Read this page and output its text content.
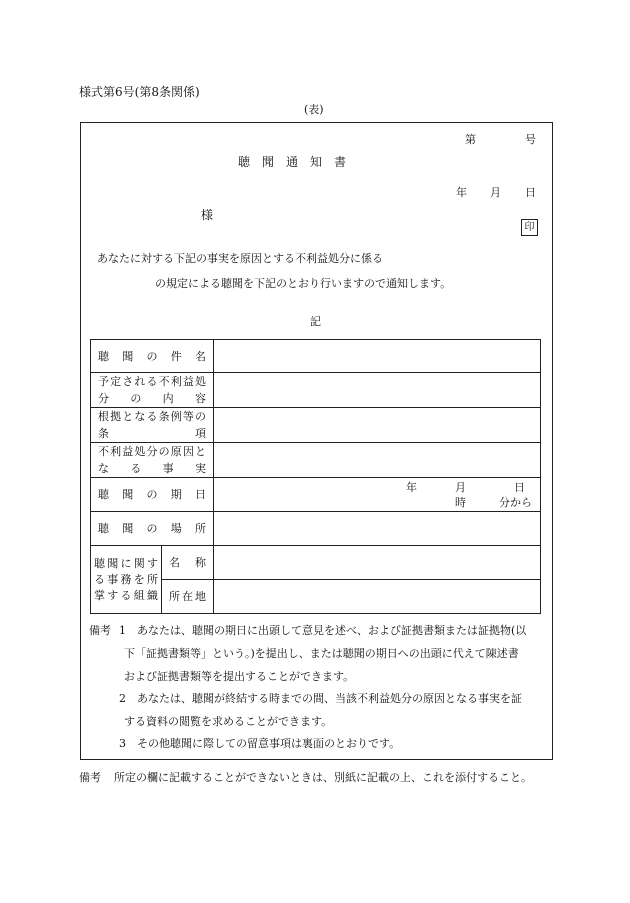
様式第6号(第8条関係)
(表)
第	号
聴　聞　通　知　書
年 月 日
様
印
あなたに対する下記の事実を原因とする不利益処分に係る
の規定による聴聞を下記のとおり行いますので通知します。
記
聴聞の件名		

予定される不利益処分の内容		

根拠となる条例等の条項		

不利益処分の原因となる事実		

聴聞の期日		年 月 日
時 分から

聴聞の場所		

聴聞に関する事務を所掌する組織	名称	

	所在地	

備考 1 あなたは、聴聞の期日に出頭して意見を述べ、および証拠書類または証拠物(以
下「証拠書類等」という。)を提出し、または聴聞の期日への出頭に代えて陳述書
および証拠書類等を提出することができます。
2 あなたは、聴聞が終結する時までの間、当該不利益処分の原因となる事実を証
する資料の閲覧を求めることができます。
3 その他聴聞に際しての留意事項は裏面のとおりです。
備考 所定の欄に記載することができないときは、別紙に記載の上、これを添付すること。
